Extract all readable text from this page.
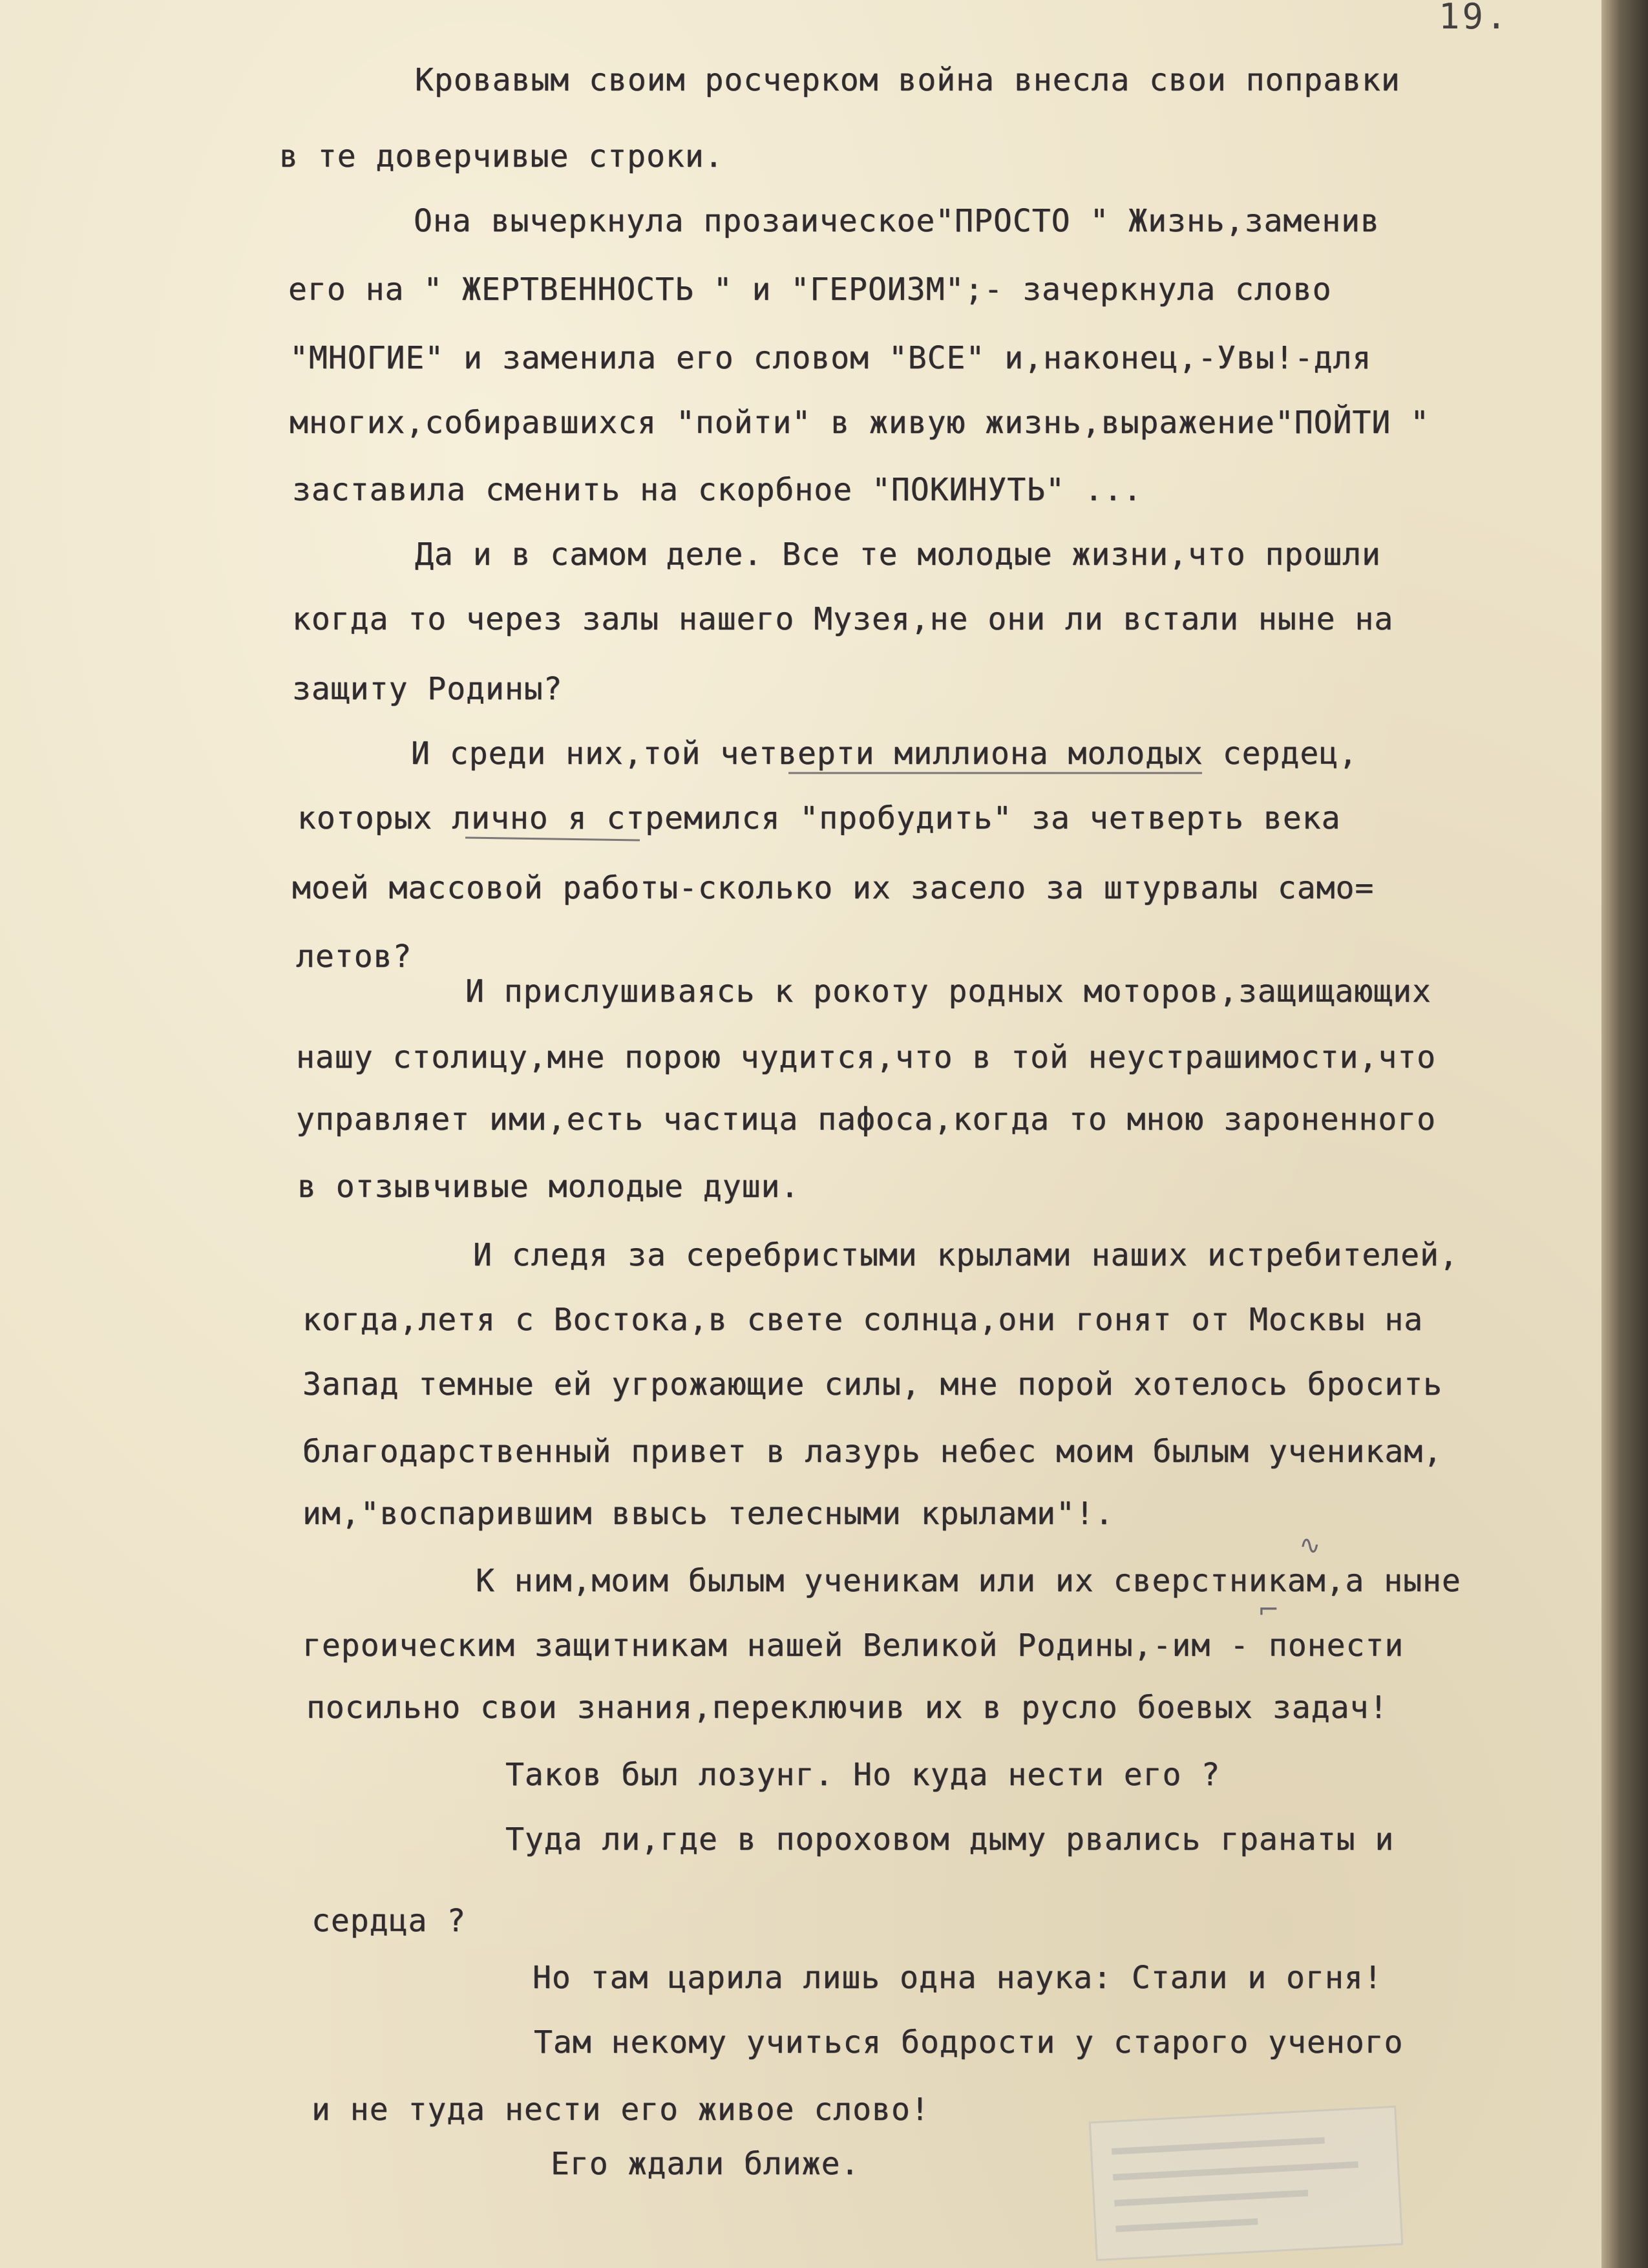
19.
Кровавым своим росчерком война внесла свои поправки
в те доверчивые строки.
Она вычеркнула прозаическое"ПРОСТО " Жизнь,заменив
его на " ЖЕРТВЕННОСТЬ " и "ГЕРОИЗМ";- зачеркнула слово
"МНОГИЕ" и заменила его словом "ВСЕ" и,наконец,-Увы!-для
многих,собиравшихся "пойти" в живую жизнь,выражение"ПОЙТИ "
заставила сменить на скорбное "ПОКИНУТЬ" ...
Да и в самом деле. Все те молодые жизни,что прошли
когда то через залы нашего Музея,не они ли встали ныне на
защиту Родины?
И среди них,той четверти миллиона молодых сердец,
которых лично я стремился "пробудить" за четверть века
моей массовой работы-сколько их засело за штурвалы само=
летов?
И прислушиваясь к рокоту родных моторов,защищающих
нашу столицу,мне порою чудится,что в той неустрашимости,что
управляет ими,есть частица пафоса,когда то мною зароненного
в отзывчивые молодые души.
И следя за серебристыми крылами наших истребителей,
когда,летя с Востока,в свете солнца,они гонят от Москвы на
Запад темные ей угрожающие силы, мне порой хотелось бросить
благодарственный привет в лазурь небес моим былым ученикам,
им,"воспарившим ввысь телесными крылами"!.
К ним,моим былым ученикам или их сверстникам,а ныне
героическим защитникам нашей Великой Родины,-им - понести
посильно свои знания,переключив их в русло боевых задач!
Таков был лозунг. Но куда нести его ?
Туда ли,где в пороховом дыму рвались гранаты и
сердца ?
Но там царила лишь одна наука: Стали и огня!
Там некому учиться бодрости у старого ученого
и не туда нести его живое слово!
Его ждали ближе.
∿
⌐
